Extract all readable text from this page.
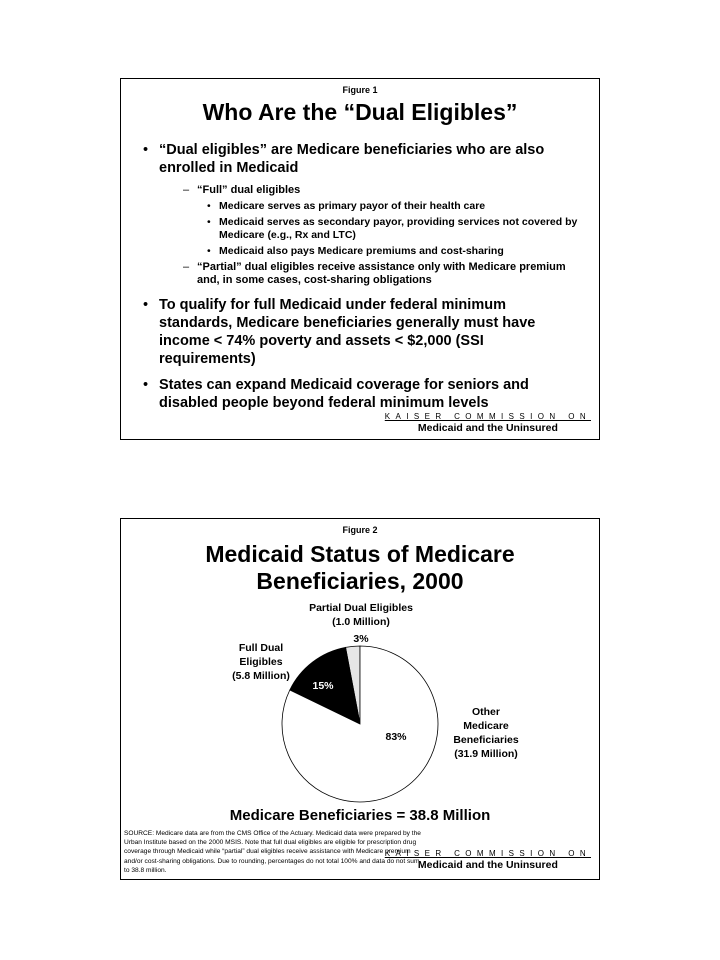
Figure 1
Who Are the “Dual Eligibles”
• “Dual eligibles” are Medicare beneficiaries who are also enrolled in Medicaid
– “Full” dual eligibles
• Medicare serves as primary payor of their health care
• Medicaid serves as secondary payor, providing services not covered by Medicare (e.g., Rx and LTC)
• Medicaid also pays Medicare premiums and cost-sharing
– “Partial” dual eligibles receive assistance only with Medicare premium and, in some cases, cost-sharing obligations
• To qualify for full Medicaid under federal minimum standards, Medicare beneficiaries generally must have income < 74% poverty and assets < $2,000 (SSI requirements)
• States can expand Medicaid coverage for seniors and disabled people beyond federal minimum levels
KAISER COMMISSION ON
Medicaid and the Uninsured
Figure 2
Medicaid Status of Medicare
Beneficiaries, 2000
Partial Dual Eligibles
(1.0 Million)
3%
Full Dual
Eligibles
(5.8 Million)
15%
83%
Other
Medicare
Beneficiaries
(31.9 Million)
Medicare Beneficiaries = 38.8 Million
SOURCE: Medicare data are from the CMS Office of the Actuary. Medicaid data were prepared by the Urban Institute based on the 2000 MSIS. Note that full dual eligibles are eligible for prescription drug coverage through Medicaid while “partial” dual eligibles receive assistance with Medicare premium and/or cost-sharing obligations. Due to rounding, percentages do not total 100% and data do not sum to 38.8 million.
KAISER COMMISSION ON
Medicaid and the Uninsured
